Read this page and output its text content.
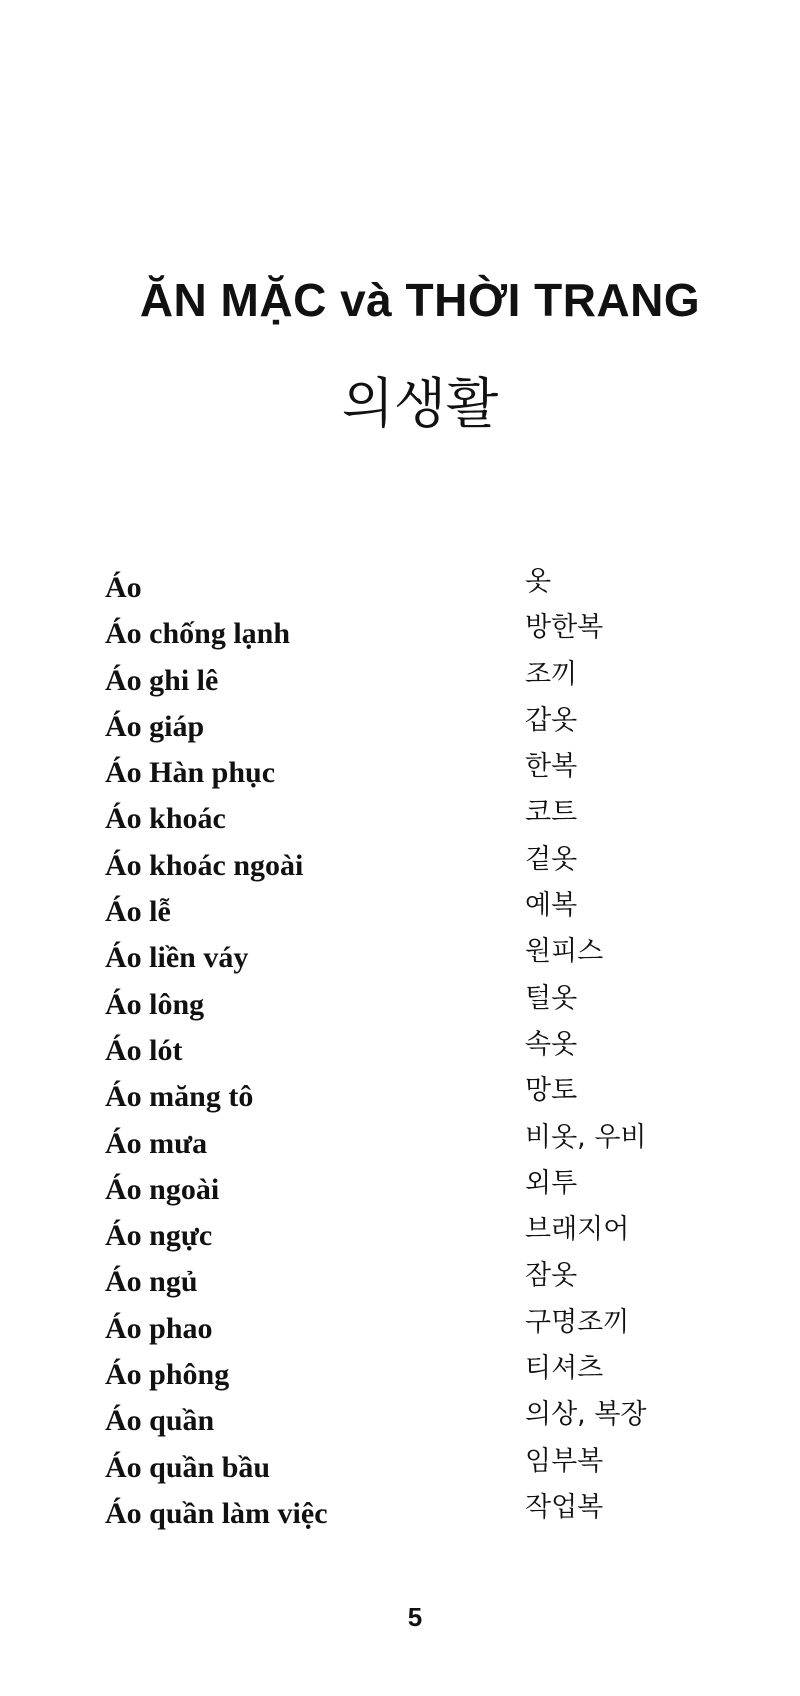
ĂN MẶC và THỜI TRANG
의생활
Áo	옷
Áo chống lạnh	방한복
Áo ghi lê	조끼
Áo giáp	갑옷
Áo Hàn phục	한복
Áo khoác	코트
Áo khoác ngoài	겉옷
Áo lễ	예복
Áo liền váy	원피스
Áo lông	털옷
Áo lót	속옷
Áo măng tô	망토
Áo mưa	비옷, 우비
Áo ngoài	외투
Áo ngực	브래지어
Áo ngủ	잠옷
Áo phao	구명조끼
Áo phông	티셔츠
Áo quần	의상, 복장
Áo quần bầu	임부복
Áo quần làm việc	작업복
5
